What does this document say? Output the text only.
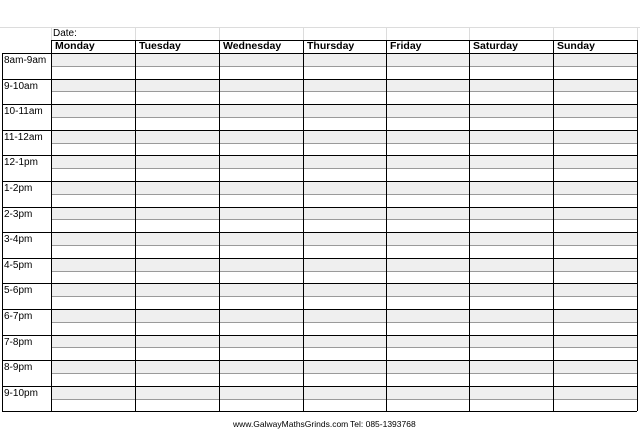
Date:
Monday	Tuesday	Wednesday	Thursday	Friday	Saturday	Sunday
8am-9am
9-10am
10-11am
11-12am
12-1pm
1-2pm
2-3pm
3-4pm
4-5pm
5-6pm
6-7pm
7-8pm
8-9pm
9-10pm
www.GalwayMathsGrinds.com Tel: 085-1393768
